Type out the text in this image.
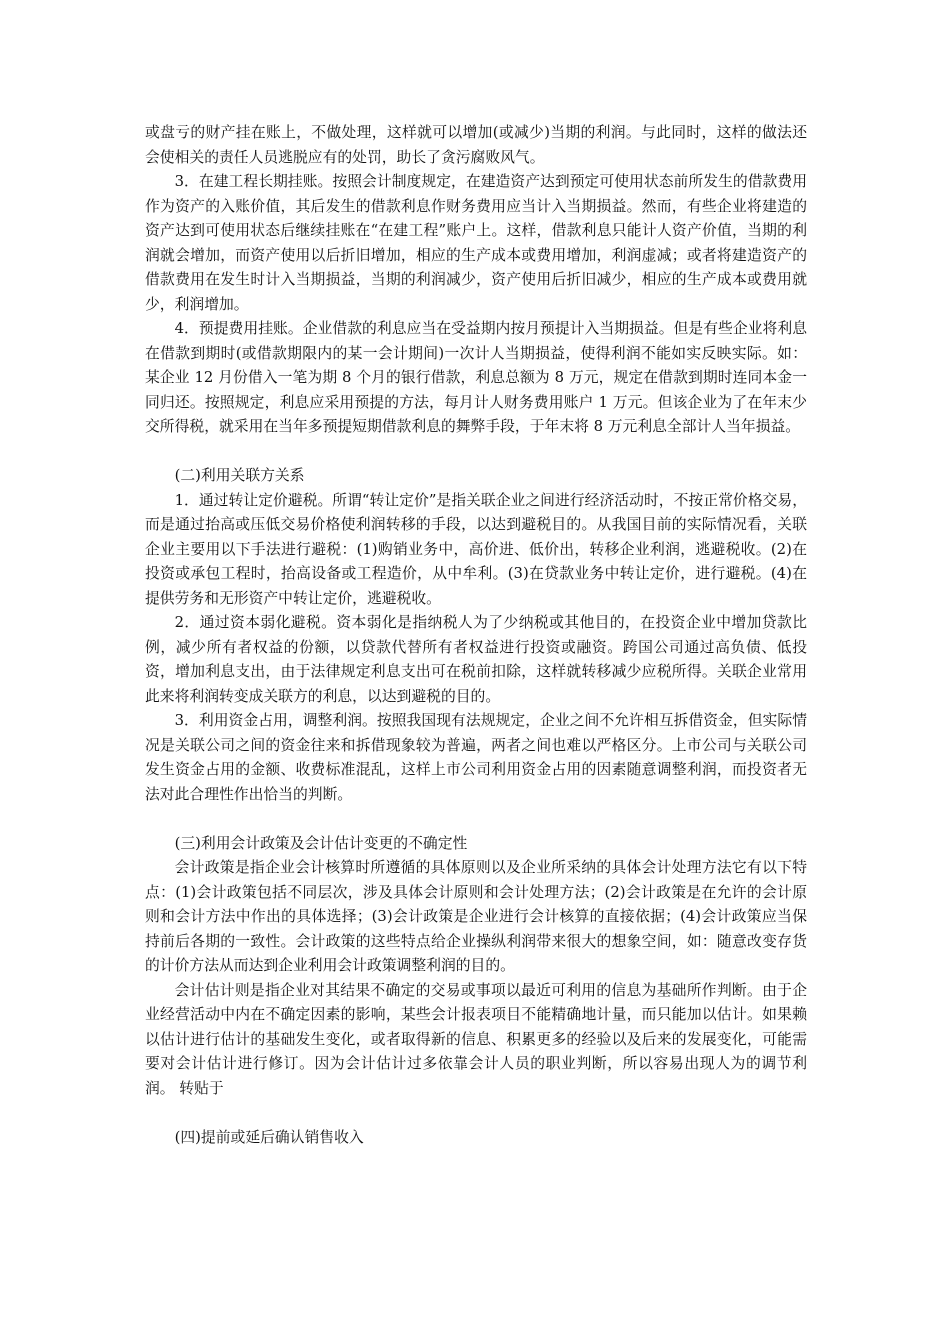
或盘亏的财产挂在账上，不做处理，这样就可以增加(或减少)当期的利润。与此同时，这样的做法还会使相关的责任人员逃脱应有的处罚，助长了贪污腐败风气。

3．在建工程长期挂账。按照会计制度规定，在建造资产达到预定可使用状态前所发生的借款费用作为资产的入账价值，其后发生的借款利息作财务费用应当计入当期损益。然而，有些企业将建造的资产达到可使用状态后继续挂账在“在建工程”账户上。这样，借款利息只能计人资产价值，当期的利润就会增加，而资产使用以后折旧增加，相应的生产成本或费用增加，利润虚减；或者将建造资产的借款费用在发生时计入当期损益，当期的利润减少，资产使用后折旧减少，相应的生产成本或费用就少，利润增加。

4．预提费用挂账。企业借款的利息应当在受益期内按月预提计入当期损益。但是有些企业将利息在借款到期时(或借款期限内的某一会计期间)一次计人当期损益，使得利润不能如实反映实际。如：某企业 12 月份借入一笔为期 8 个月的银行借款，利息总额为 8 万元，规定在借款到期时连同本金一同归还。按照规定，利息应采用预提的方法，每月计人财务费用账户 1 万元。但该企业为了在年末少交所得税，就采用在当年多预提短期借款利息的舞弊手段，于年末将 8 万元利息全部计人当年损益。

(二)利用关联方关系

1．通过转让定价避税。所谓“转让定价”是指关联企业之间进行经济活动时，不按正常价格交易，而是通过抬高或压低交易价格使利润转移的手段，以达到避税目的。从我国目前的实际情况看，关联企业主要用以下手法进行避税：(1)购销业务中，高价进、低价出，转移企业利润，逃避税收。(2)在投资或承包工程时，抬高设备或工程造价，从中牟利。(3)在贷款业务中转让定价，进行避税。(4)在提供劳务和无形资产中转让定价，逃避税收。

2．通过资本弱化避税。资本弱化是指纳税人为了少纳税或其他目的，在投资企业中增加贷款比例，减少所有者权益的份额，以贷款代替所有者权益进行投资或融资。跨国公司通过高负债、低投资，增加利息支出，由于法律规定利息支出可在税前扣除，这样就转移减少应税所得。关联企业常用此来将利润转变成关联方的利息，以达到避税的目的。

3．利用资金占用，调整利润。按照我国现有法规规定，企业之间不允许相互拆借资金，但实际情况是关联公司之间的资金往来和拆借现象较为普遍，两者之间也难以严格区分。上市公司与关联公司发生资金占用的金额、收费标准混乱，这样上市公司利用资金占用的因素随意调整利润，而投资者无法对此合理性作出恰当的判断。

(三)利用会计政策及会计估计变更的不确定性

会计政策是指企业会计核算时所遵循的具体原则以及企业所采纳的具体会计处理方法它有以下特点：(1)会计政策包括不同层次，涉及具体会计原则和会计处理方法；(2)会计政策是在允许的会计原则和会计方法中作出的具体选择；(3)会计政策是企业进行会计核算的直接依据；(4)会计政策应当保持前后各期的一致性。会计政策的这些特点给企业操纵利润带来很大的想象空间，如：随意改变存货的计价方法从而达到企业利用会计政策调整利润的目的。

会计估计则是指企业对其结果不确定的交易或事项以最近可利用的信息为基础所作判断。由于企业经营活动中内在不确定因素的影响，某些会计报表项目不能精确地计量，而只能加以估计。如果赖以估计进行估计的基础发生变化，或者取得新的信息、积累更多的经验以及后来的发展变化，可能需要对会计估计进行修订。因为会计估计过多依靠会计人员的职业判断，所以容易出现人为的调节利润。 转贴于

(四)提前或延后确认销售收入
